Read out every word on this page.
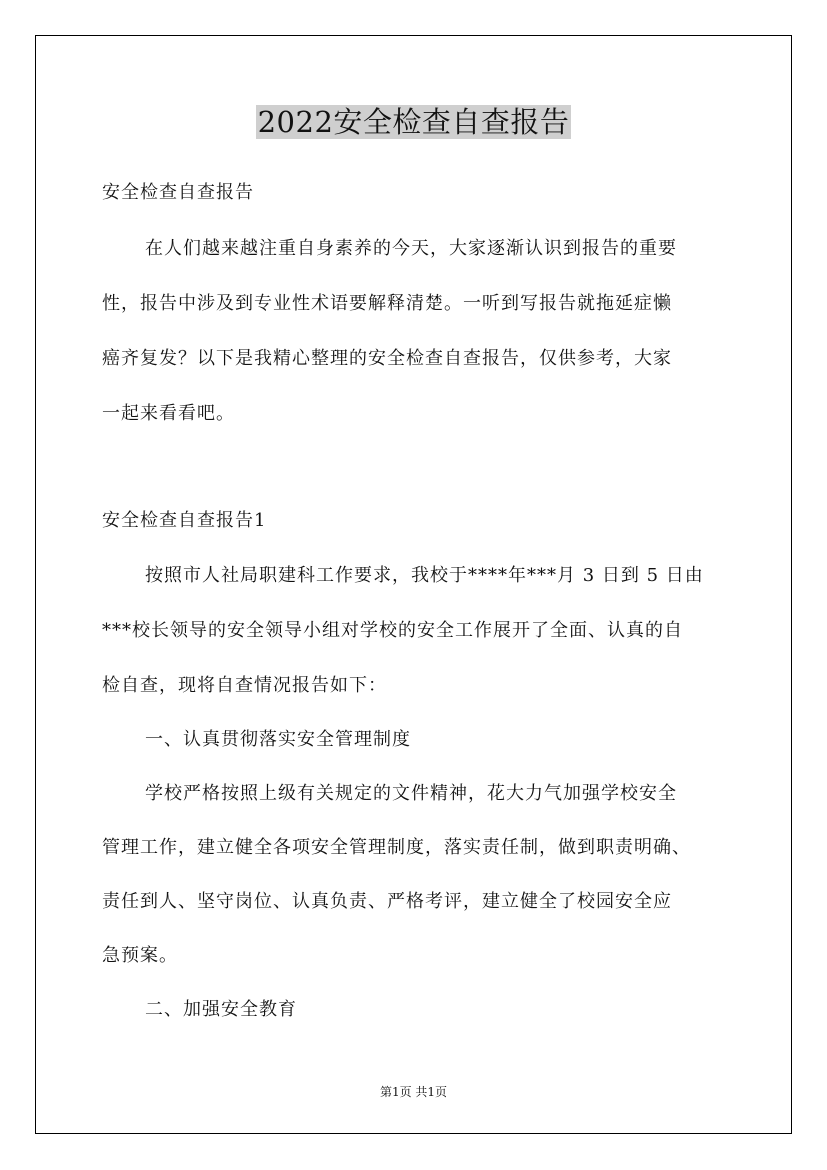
2022安全检查自查报告

安全检查自查报告

在人们越来越注重自身素养的今天，大家逐渐认识到报告的重要

性，报告中涉及到专业性术语要解释清楚。一听到写报告就拖延症懒

癌齐复发？以下是我精心整理的安全检查自查报告，仅供参考，大家

一起来看看吧。

安全检查自查报告1

按照市人社局职建科工作要求，我校于****年***月 3 日到 5 日由

***校长领导的安全领导小组对学校的安全工作展开了全面、认真的自

检自查，现将自查情况报告如下：

一、认真贯彻落实安全管理制度

学校严格按照上级有关规定的文件精神，花大力气加强学校安全

管理工作，建立健全各项安全管理制度，落实责任制，做到职责明确、

责任到人、坚守岗位、认真负责、严格考评，建立健全了校园安全应

急预案。

二、加强安全教育

第1页 共1页
